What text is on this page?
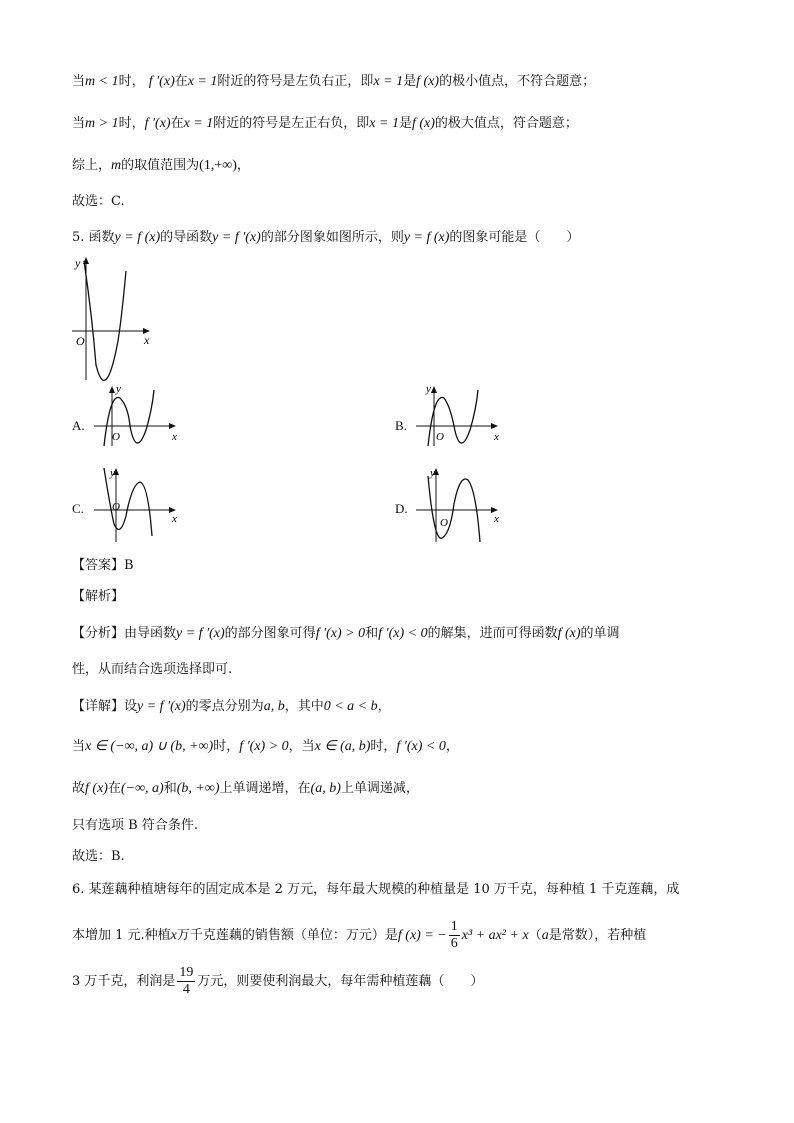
当m < 1时， f ′(x)在x = 1附近的符号是左负右正，即x = 1是f (x)的极小值点，不符合题意；
当m > 1时，f ′(x)在x = 1附近的符号是左正右负，即x = 1是f (x)的极大值点，符合题意；
综上，m的取值范围为(1,+∞)，
故选：C.
5. 函数y = f (x)的导函数y = f ′(x)的部分图象如图所示，则y = f (x)的图象可能是（　　）
y
x
O
A.
y
x
O
B.
y
x
O
C.
y
x
O	D.
y
x
O
【答案】B
【解析】
【分析】由导函数y = f ′(x)的部分图象可得f ′(x) > 0和f ′(x) < 0的解集，进而可得函数f (x)的单调
性，从而结合选项选择即可.
【详解】设y = f ′(x)的零点分别为a, b，其中0 < a < b，
当x ∈ (−∞, a) ∪ (b, +∞)时，f ′(x) > 0，当x ∈ (a, b)时，f ′(x) < 0，
故f (x)在(−∞, a)和(b, +∞)上单调递增，在(a, b)上单调递减，
只有选项 B 符合条件.
故选：B.
6. 某莲藕种植塘每年的固定成本是 2 万元，每年最大规模的种植量是 10 万千克，每种植 1 千克莲藕，成
本增加 1 元.种植x万千克莲藕的销售额（单位：万元）是f (x) = − $\frac{1}{6} x^3 + ax^2 + x(a$是常数），若种植
3 万千克，利润是 $\frac{19}{4}$ 万元，则要使利润最大，每年需种植莲藕（　　）
